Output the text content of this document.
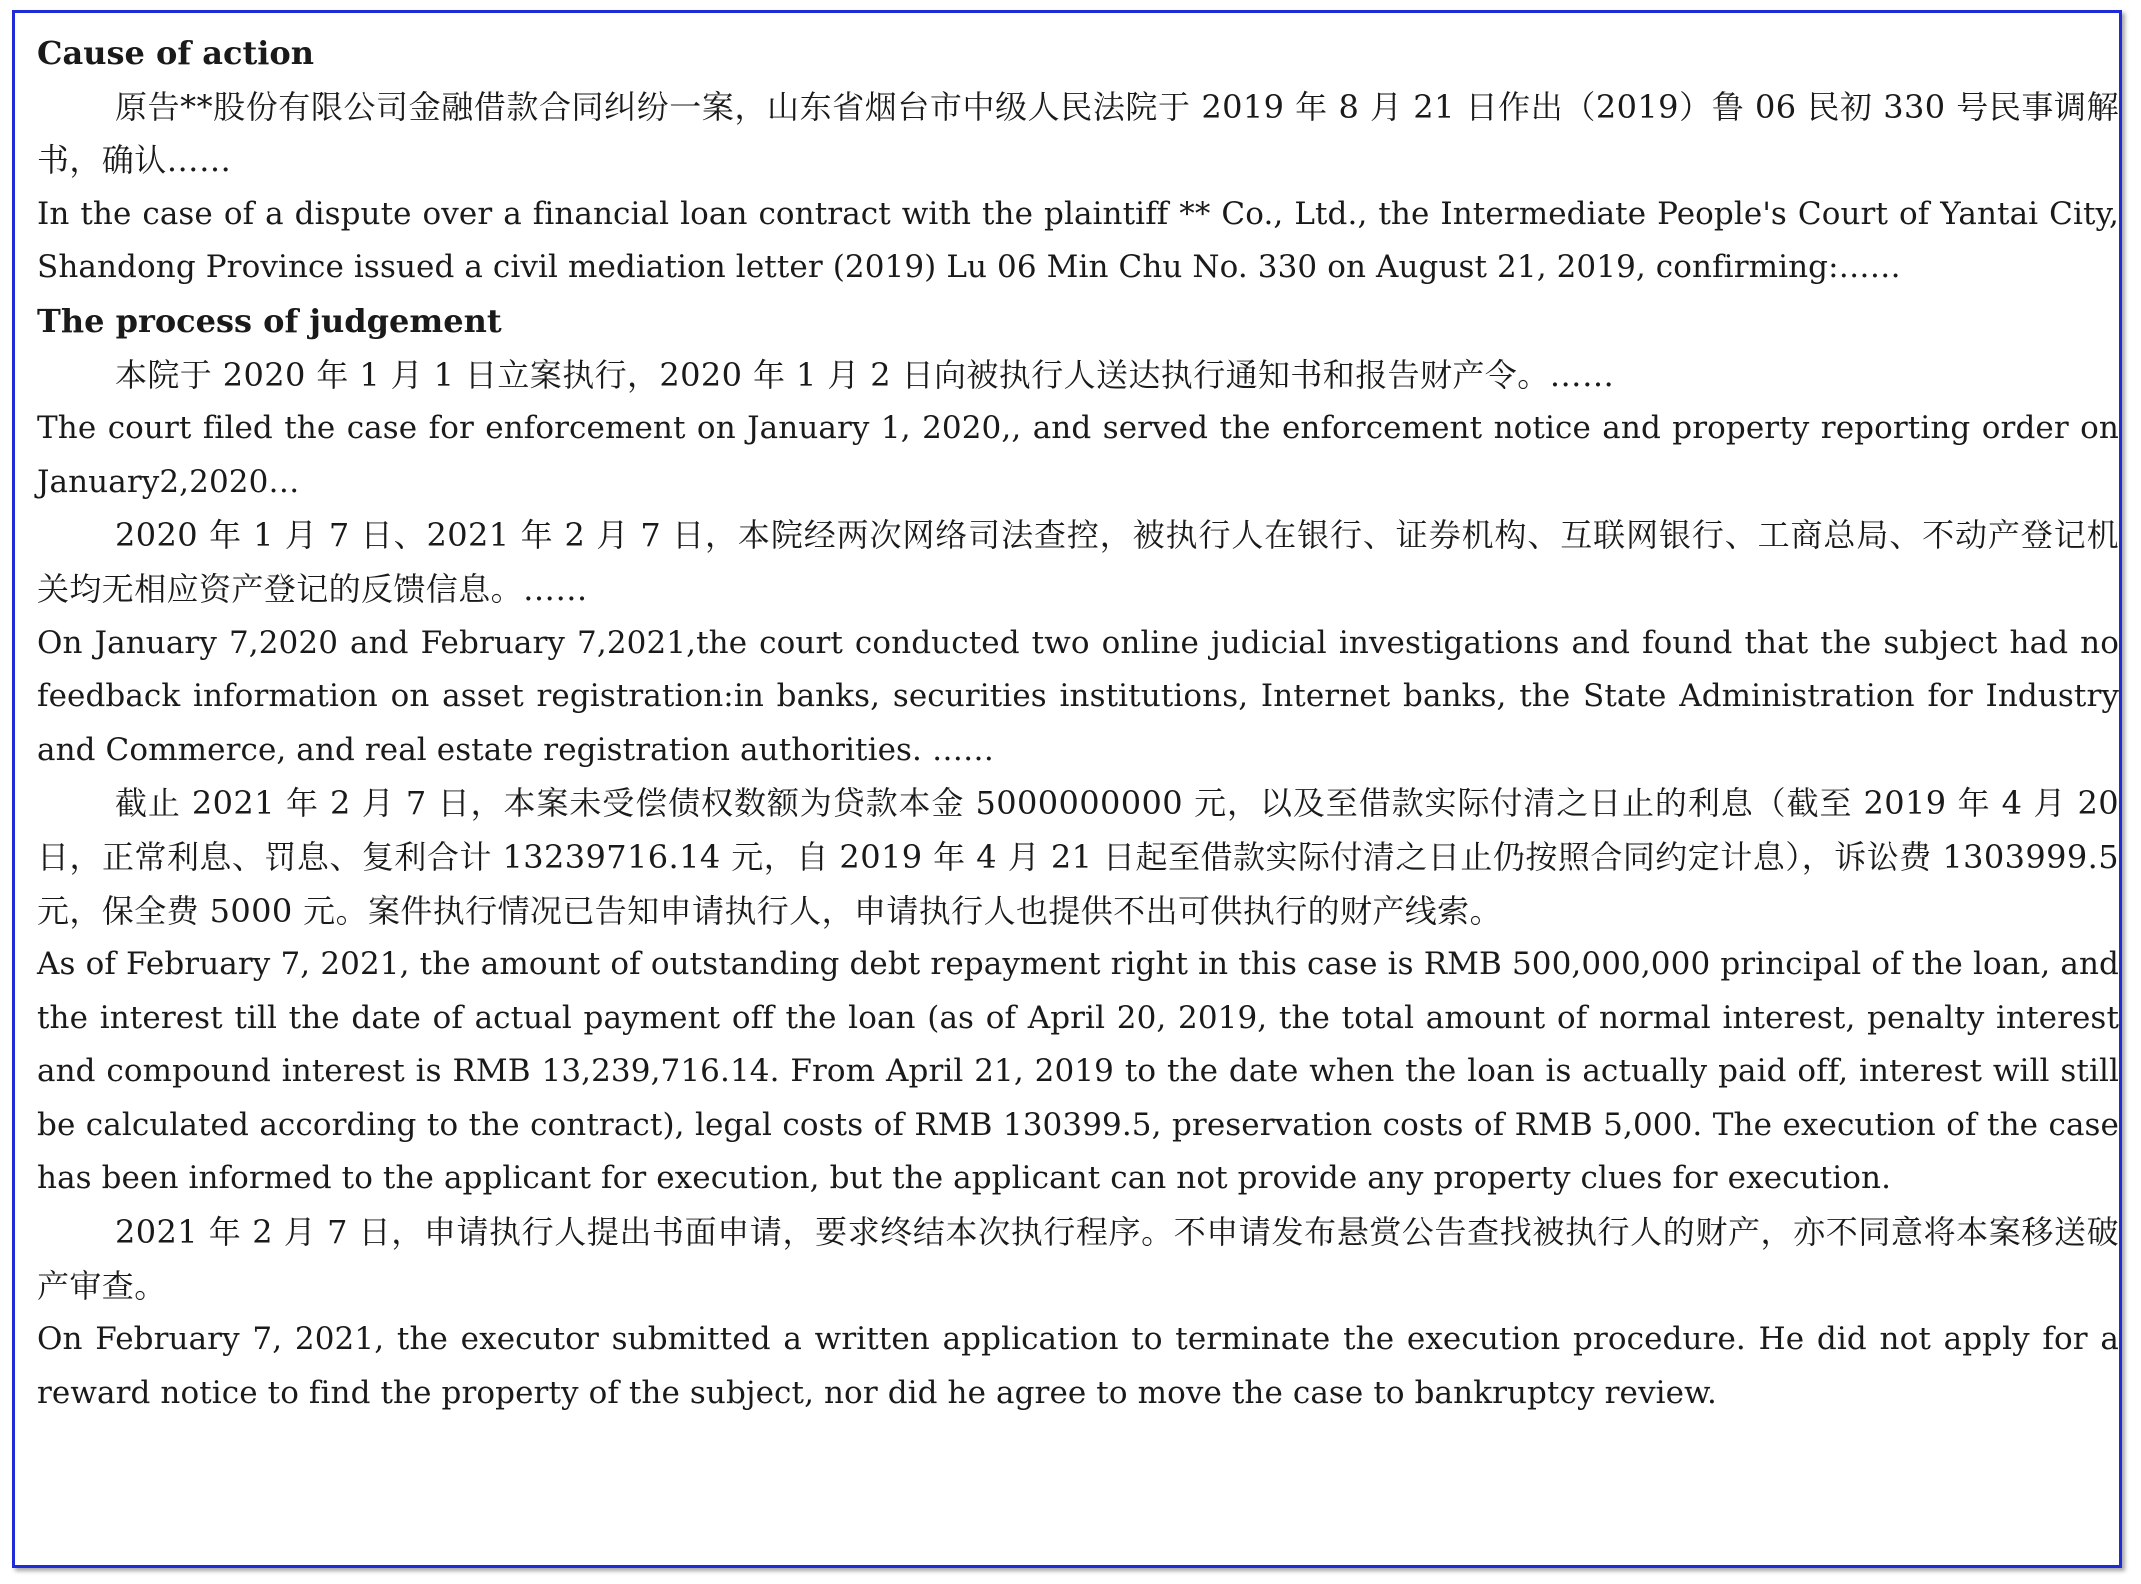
Cause of action

原告**股份有限公司金融借款合同纠纷一案，山东省烟台市中级人民法院于 2019 年 8 月 21 日作出（2019）鲁 06 民初 330 号民事调解书，确认……

In the case of a dispute over a financial loan contract with the plaintiff ** Co., Ltd., the Intermediate People's Court of Yantai City, Shandong Province issued a civil mediation letter (2019) Lu 06 Min Chu No. 330 on August 21, 2019, confirming:……

The process of judgement

本院于 2020 年 1 月 1 日立案执行，2020 年 1 月 2 日向被执行人送达执行通知书和报告财产令。……

The court filed the case for enforcement on January 1, 2020,, and served the enforcement notice and property reporting order on January2,2020…

2020 年 1 月 7 日、2021 年 2 月 7 日，本院经两次网络司法查控，被执行人在银行、证券机构、互联网银行、工商总局、不动产登记机关均无相应资产登记的反馈信息。……

On January 7,2020 and February 7,2021,the court conducted two online judicial investigations and found that the subject had no feedback information on asset registration:in banks, securities institutions, Internet banks, the State Administration for Industry and Commerce, and real estate registration authorities. ……

截止 2021 年 2 月 7 日，本案未受偿债权数额为贷款本金 5000000000 元，以及至借款实际付清之日止的利息（截至 2019 年 4 月 20 日，正常利息、罚息、复利合计 13239716.14 元，自 2019 年 4 月 21 日起至借款实际付清之日止仍按照合同约定计息），诉讼费 1303999.5 元，保全费 5000 元。案件执行情况已告知申请执行人，申请执行人也提供不出可供执行的财产线索。

As of February 7, 2021, the amount of outstanding debt repayment right in this case is RMB 500,000,000 principal of the loan, and the interest till the date of actual payment off the loan (as of April 20, 2019, the total amount of normal interest, penalty interest and compound interest is RMB 13,239,716.14. From April 21, 2019 to the date when the loan is actually paid off, interest will still be calculated according to the contract), legal costs of RMB 130399.5, preservation costs of RMB 5,000. The execution of the case has been informed to the applicant for execution, but the applicant can not provide any property clues for execution.

2021 年 2 月 7 日，申请执行人提出书面申请，要求终结本次执行程序。不申请发布悬赏公告查找被执行人的财产，亦不同意将本案移送破产审查。

On February 7, 2021, the executor submitted a written application to terminate the execution procedure. He did not apply for a reward notice to find the property of the subject, nor did he agree to move the case to bankruptcy review.
